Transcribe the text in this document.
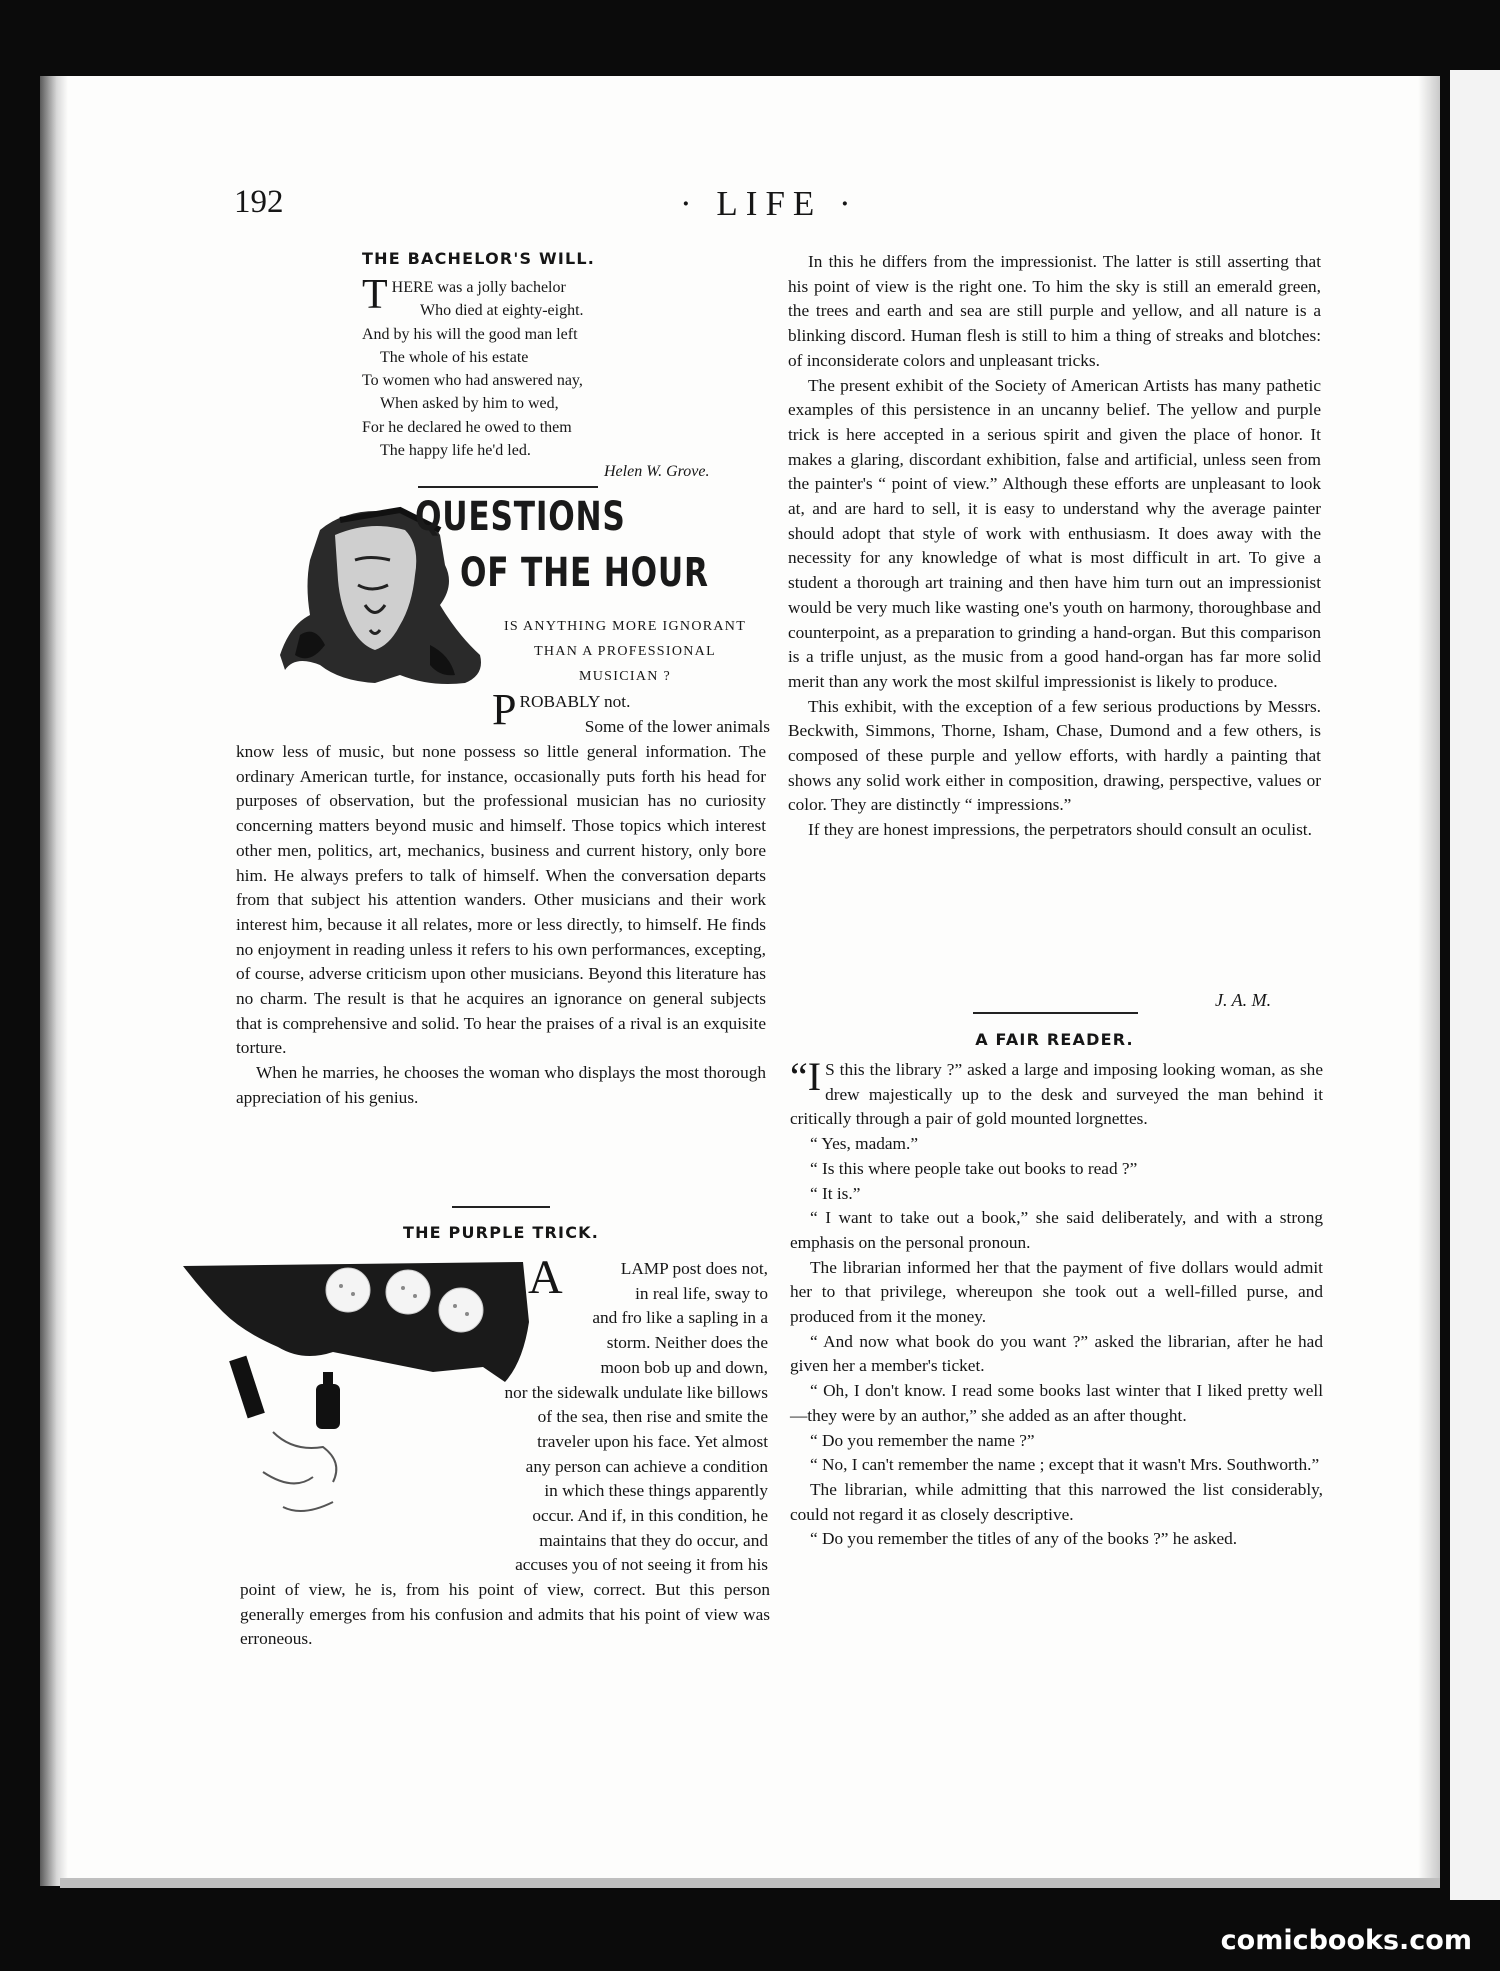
192	· LIFE ·
THE BACHELOR'S WILL.
THERE was a jolly bachelor
Who died at eighty-eight.
And by his will the good man left
The whole of his estate
To women who had answered nay,
When asked by him to wed,
For he declared he owed to them
The happy life he'd led.
Helen W. Grove.
QUESTIONS
OF THE HOUR
IS ANYTHING MORE IGNORANT
THAN A PROFESSIONAL
MUSICIAN ?
P ROBABLY not.
Some of the lower animals

know less of music, but none possess so little general information. The ordinary American turtle, for instance, occasionally puts forth his head for purposes of observation, but the professional musician has no curiosity concerning matters beyond music and himself. Those topics which interest other men, politics, art, mechanics, business and current history, only bore him. He always prefers to talk of himself. When the conversation departs from that subject his attention wanders. Other musicians and their work interest him, because it all relates, more or less directly, to himself. He finds no enjoyment in reading unless it refers to his own performances, excepting, of course, adverse criticism upon other musicians. Beyond this literature has no charm. The result is that he acquires an ignorance on general subjects that is comprehensive and solid. To hear the praises of a rival is an exquisite torture.

When he marries, he chooses the woman who displays the most thorough appreciation of his genius.

THE PURPLE TRICK.
A	LAMP post does not,
in real life, sway to
and fro like a sapling in a
storm. Neither does the
moon bob up and down,
nor the sidewalk undulate like billows
of the sea, then rise and smite the
traveler upon his face. Yet almost
any person can achieve a condition
in which these things apparently
occur. And if, in this condition, he
maintains that they do occur, and
accuses you of not seeing it from his

point of view, he is, from his point of view, correct. But this person generally emerges from his confusion and admits that his point of view was erroneous.

In this he differs from the impressionist. The latter is still asserting that his point of view is the right one. To him the sky is still an emerald green, the trees and earth and sea are still purple and yellow, and all nature is a blinking discord. Human flesh is still to him a thing of streaks and blotches: of inconsiderate colors and unpleasant tricks.

The present exhibit of the Society of American Artists has many pathetic examples of this persistence in an uncanny belief. The yellow and purple trick is here accepted in a serious spirit and given the place of honor. It makes a glaring, discordant exhibition, false and artificial, unless seen from the painter's “ point of view.” Although these efforts are unpleasant to look at, and are hard to sell, it is easy to understand why the average painter should adopt that style of work with enthusiasm. It does away with the necessity for any knowledge of what is most difficult in art. To give a student a thorough art training and then have him turn out an impressionist would be very much like wasting one's youth on harmony, thoroughbase and counterpoint, as a preparation to grinding a hand-organ. But this comparison is a trifle unjust, as the music from a good hand-organ has far more solid merit than any work the most skilful impressionist is likely to produce.

This exhibit, with the exception of a few serious productions by Messrs. Beckwith, Simmons, Thorne, Isham, Chase, Dumond and a few others, is composed of these purple and yellow efforts, with hardly a painting that shows any solid work either in composition, drawing, perspective, values or color. They are distinctly “ impressions.”

If they are honest impressions, the perpetrators should consult an oculist.

J. A. M.
A FAIR READER.

“I S this the library ?” asked a large and imposing looking woman, as she drew majestically up to the desk and surveyed the man behind it critically through a pair of gold mounted lorgnettes.

“ Yes, madam.”

“ Is this where people take out books to read ?”

“ It is.”

“ I want to take out a book,” she said deliberately, and with a strong emphasis on the personal pronoun.

The librarian informed her that the payment of five dollars would admit her to that privilege, whereupon she took out a well-filled purse, and produced from it the money.

“ And now what book do you want ?” asked the librarian, after he had given her a member's ticket.

“ Oh, I don't know. I read some books last winter that I liked pretty well—they were by an author,” she added as an after thought.

“ Do you remember the name ?”

“ No, I can't remember the name ; except that it wasn't Mrs. Southworth.”

The librarian, while admitting that this narrowed the list considerably, could not regard it as closely descriptive.

“ Do you remember the titles of any of the books ?” he asked.

comicbooks.com
